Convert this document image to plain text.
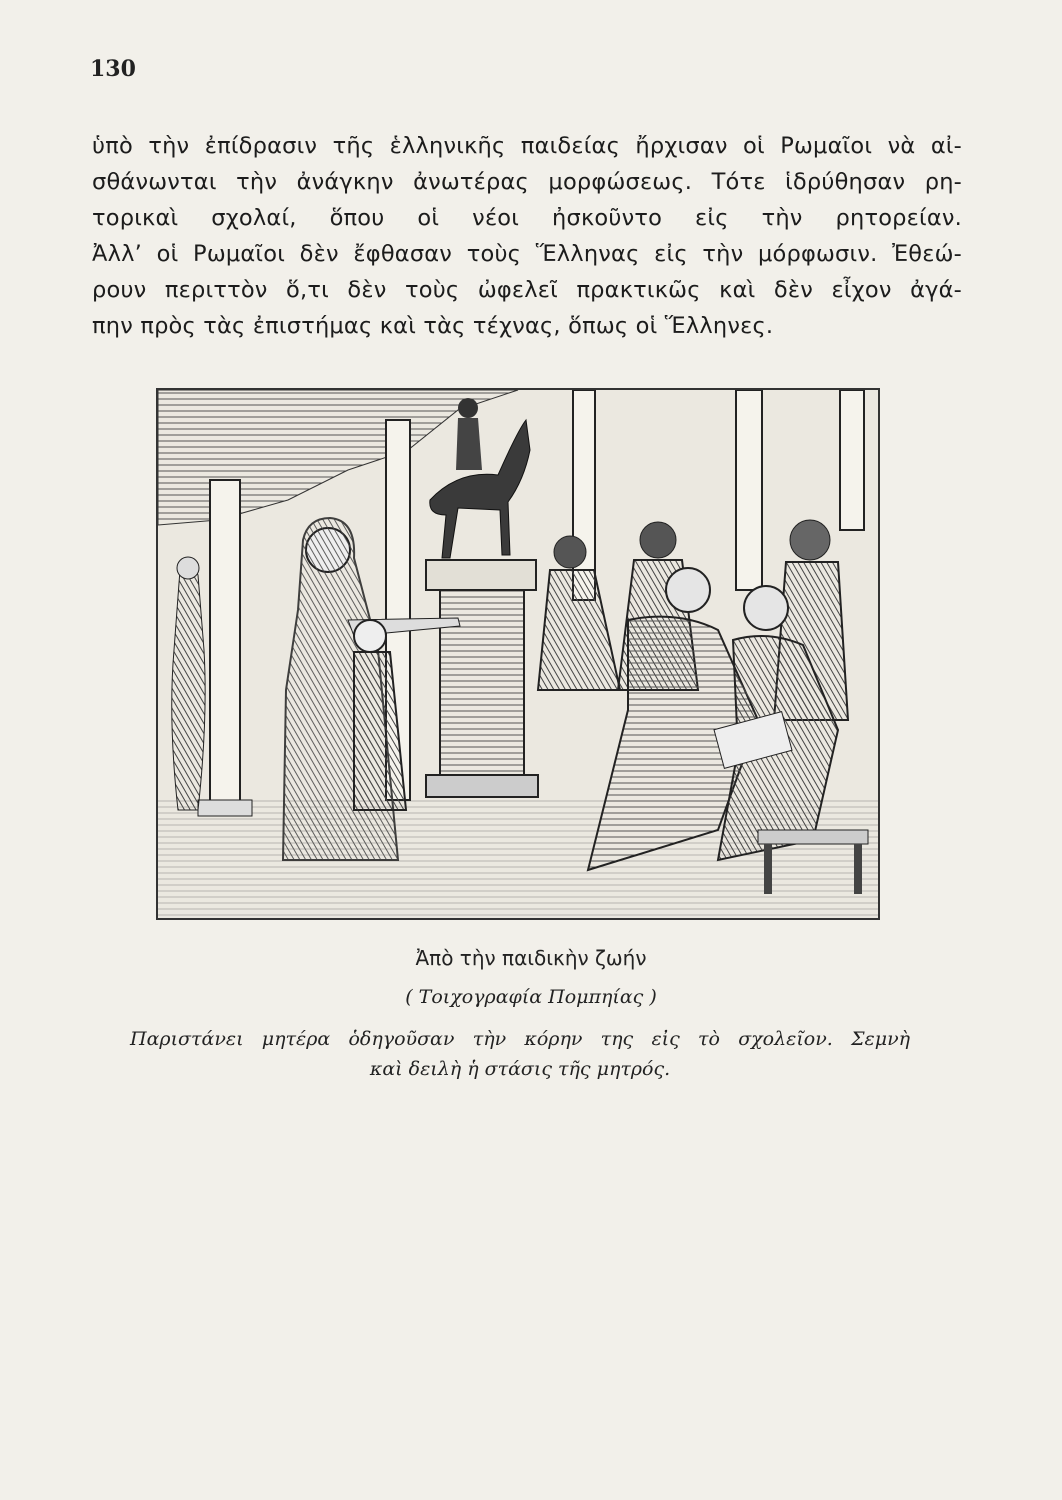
130
ὑπὸ τὴν ἐπίδρασιν τῆς ἑλληνικῆς παιδείας ἤρχισαν οἱ Ρωμαῖοι νὰ αἰ-
σθάνωνται τὴν ἀνάγκην ἀνωτέρας μορφώσεως. Τότε ἱδρύθησαν ρη-
τορικαὶ σχολαί, ὅπου οἱ νέοι ἠσκοῦντο εἰς τὴν ρητορείαν.
Ἀλλ’ οἱ Ρωμαῖοι δὲν ἔφθασαν τοὺς Ἕλληνας εἰς τὴν μόρφωσιν. Ἐθεώ-
ρουν περιττὸν ὅ,τι δὲν τοὺς ὠφελεῖ πρακτικῶς καὶ δὲν εἶχον ἀγά-
πην πρὸς τὰς ἐπιστήμας καὶ τὰς τέχνας, ὅπως οἱ Ἕλληνες.
Ἀπὸ τὴν παιδικὴν ζωήν
( Τοιχογραφία Πομπηίας )
Παριστάνει μητέρα ὁδηγοῦσαν τὴν κόρην της εἰς τὸ σχολεῖον. Σεμνὴ
καὶ δειλὴ ἡ στάσις τῆς μητρός.
